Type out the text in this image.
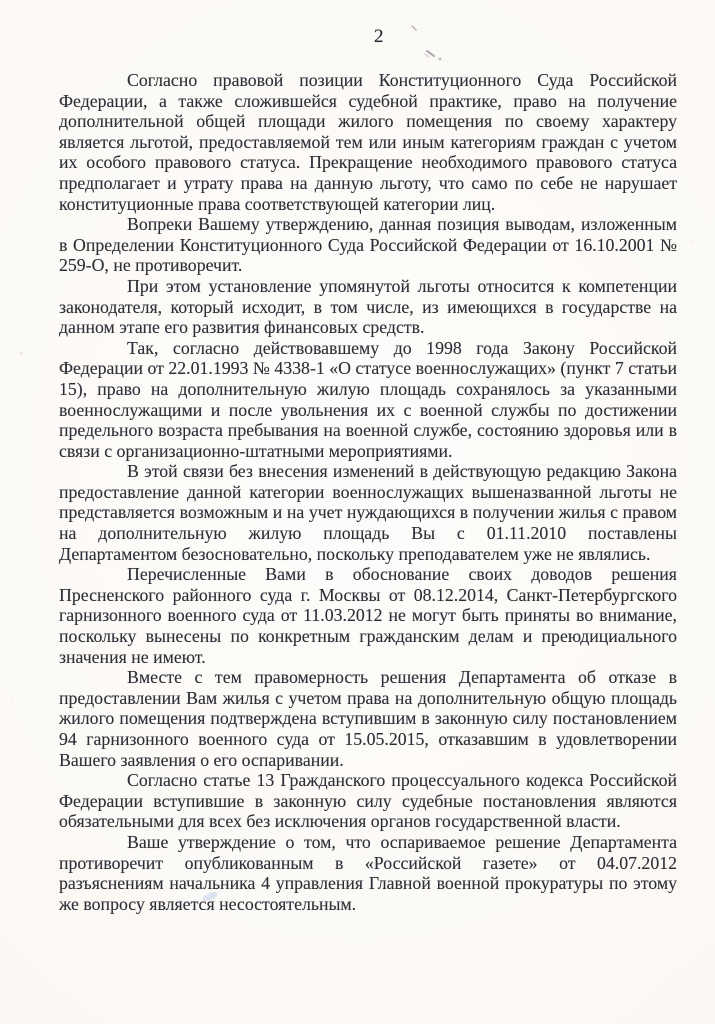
2

Согласно правовой позиции Конституционного Суда Российской Федерации, а также сложившейся судебной практике, право на получение дополнительной общей площади жилого помещения по своему характеру является льготой, предоставляемой тем или иным категориям граждан с учетом их особого правового статуса. Прекращение необходимого правового статуса предполагает и утрату права на данную льготу, что само по себе не нарушает конституционные права соответствующей категории лиц.

Вопреки Вашему утверждению, данная позиция выводам, изложенным в Определении Конституционного Суда Российской Федерации от 16.10.2001 № 259-О, не противоречит.

При этом установление упомянутой льготы относится к компетенции законодателя, который исходит, в том числе, из имеющихся в государстве на данном этапе его развития финансовых средств.

Так, согласно действовавшему до 1998 года Закону Российской Федерации от 22.01.1993 № 4338-1 «О статусе военнослужащих» (пункт 7 статьи 15), право на дополнительную жилую площадь сохранялось за указанными военнослужащими и после увольнения их с военной службы по достижении предельного возраста пребывания на военной службе, состоянию здоровья или в связи с организационно-штатными мероприятиями.

В этой связи без внесения изменений в действующую редакцию Закона предоставление данной категории военнослужащих вышеназванной льготы не представляется возможным и на учет нуждающихся в получении жилья с правом на дополнительную жилую площадь Вы с 01.11.2010 поставлены Департаментом безосновательно, поскольку преподавателем уже не являлись.

Перечисленные Вами в обоснование своих доводов решения Пресненского районного суда г. Москвы от 08.12.2014, Санкт-Петербургского гарнизонного военного суда от 11.03.2012 не могут быть приняты во внимание, поскольку вынесены по конкретным гражданским делам и преюдициального значения не имеют.

Вместе с тем правомерность решения Департамента об отказе в предоставлении Вам жилья с учетом права на дополнительную общую площадь жилого помещения подтверждена вступившим в законную силу постановлением 94 гарнизонного военного суда от 15.05.2015, отказавшим в удовлетворении Вашего заявления о его оспаривании.

Согласно статье 13 Гражданского процессуального кодекса Российской Федерации вступившие в законную силу судебные постановления являются обязательными для всех без исключения органов государственной власти.

Ваше утверждение о том, что оспариваемое решение Департамента противоречит опубликованным в «Российской газете» от 04.07.2012 разъяснениям начальника 4 управления Главной военной прокуратуры по этому же вопросу является несостоятельным.
